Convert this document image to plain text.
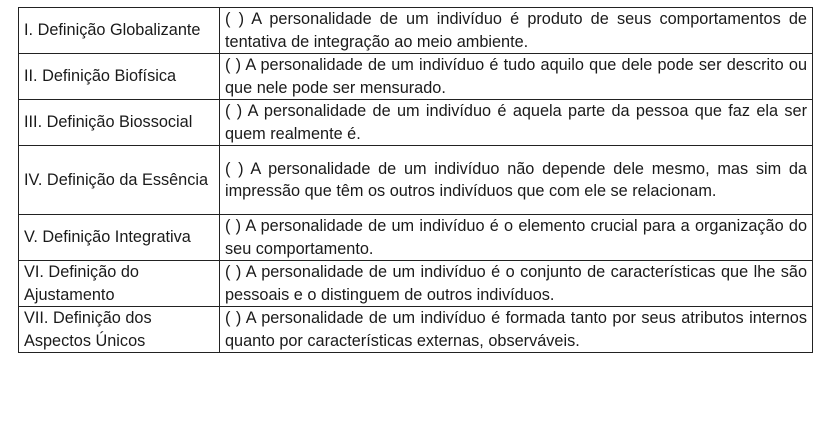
I. Definição Globalizante	( ) A personalidade de um indivíduo é produto de seus comportamentos de tentativa de integração ao meio ambiente.
II. Definição Biofísica	( ) A personalidade de um indivíduo é tudo aquilo que dele pode ser descrito ou que nele pode ser mensurado.
III. Definição Biossocial	( ) A personalidade de um indivíduo é aquela parte da pessoa que faz ela ser quem realmente é.
IV. Definição da Essência	( ) A personalidade de um indivíduo não depende dele mesmo, mas sim da impressão que têm os outros indivíduos que com ele se relacionam.
V. Definição Integrativa	( ) A personalidade de um indivíduo é o elemento crucial para a organização do seu comportamento.
VI. Definição do Ajustamento	( ) A personalidade de um indivíduo é o conjunto de características que lhe são pessoais e o distinguem de outros indivíduos.
VII. Definição dos Aspectos Únicos	( ) A personalidade de um indivíduo é formada tanto por seus atributos internos quanto por características externas, observáveis.
